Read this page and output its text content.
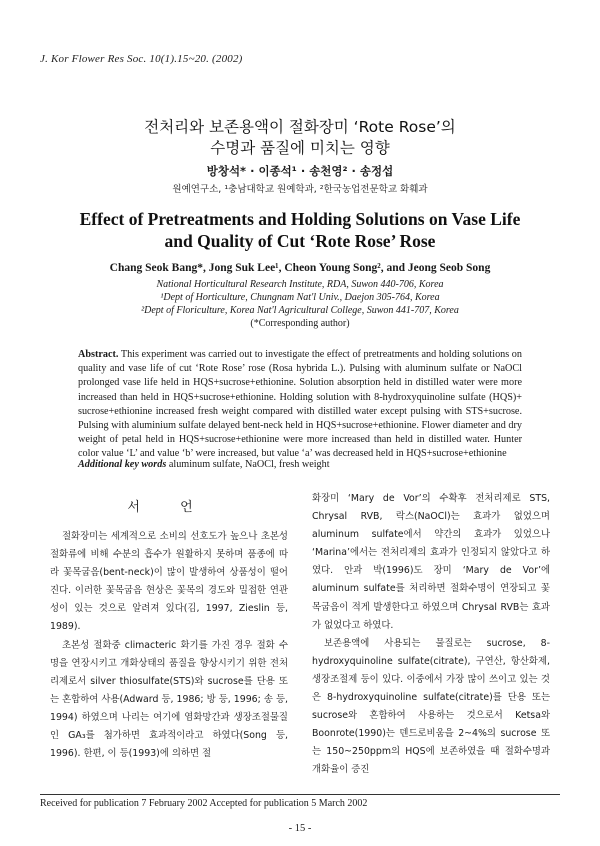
J. Kor Flower Res Soc. 10(1).15~20. (2002)
전처리와 보존용액이 절화장미 ‘Rote Rose’의
수명과 품질에 미치는 영향
방창석* · 이종석¹ · 송천영² · 송정섭
원예연구소, ¹충남대학교 원예학과, ²한국농업전문학교 화훼과
Effect of Pretreatments and Holding Solutions on Vase Life
and Quality of Cut ‘Rote Rose’ Rose
Chang Seok Bang*, Jong Suk Lee¹, Cheon Young Song², and Jeong Seob Song
National Horticultural Research Institute, RDA, Suwon 440-706, Korea
¹Dept of Horticulture, Chungnam Nat'l Univ., Daejon 305-764, Korea
²Dept of Floriculture, Korea Nat'l Agricultural College, Suwon 441-707, Korea
(*Corresponding author)
Abstract. This experiment was carried out to investigate the effect of pretreatments and holding solutions on quality and vase life of cut ‘Rote Rose’ rose (Rosa hybrida L.). Pulsing with aluminum sulfate or NaOCl prolonged vase life held in HQS+sucrose+ethionine. Solution absorption held in distilled water were more increased than held in HQS+sucrose+ethionine. Holding solution with 8-hydroxyquinoline sulfate (HQS)+ sucrose+ethionine increased fresh weight compared with distilled water except pulsing with STS+sucrose. Pulsing with aluminium sulfate delayed bent-neck held in HQS+sucrose+ethionine. Flower diameter and dry weight of petal held in HQS+sucrose+ethionine were more increased than held in distilled water. Hunter color value ‘L’ and value ‘b’ were increased, but value ‘a’ was decreased held in HQS+sucrose+ethionine
Additional key words aluminum sulfate, NaOCl, fresh weight
서 언

절화장미는 세계적으로 소비의 선호도가 높으나 초본성 절화류에 비해 수분의 흡수가 원활하지 못하며 품종에 따라 꽃목굽음(bent-neck)이 많이 발생하여 상품성이 떨어진다. 이러한 꽃목굽음 현상은 꽃목의 경도와 밀접한 연관성이 있는 것으로 알려져 있다(김, 1997, Zieslin 등, 1989).

초본성 절화중 climacteric 화기를 가진 경우 절화 수명을 연장시키고 개화상태의 품질을 향상시키기 위한 전처리제로서 silver thiosulfate(STS)와 sucrose를 단용 또는 혼합하여 사용(Adward 등, 1986; 방 등, 1996; 송 등, 1994) 하였으며 나리는 여기에 염화망간과 생장조절물질인 GA₃를 첨가하면 효과적이라고 하였다(Song 등, 1996). 한편, 이 등(1993)에 의하면 절

화장미 ‘Mary de Vor’의 수확후 전처리제로 STS, Chrysal RVB, 락스(NaOCl)는 효과가 없었으며 aluminum sulfate에서 약간의 효과가 있었으나 ‘Marina’에서는 전처리제의 효과가 인정되지 않았다고 하였다. 안과 박(1996)도 장미 ‘Mary de Vor’에 aluminum sulfate를 처리하면 절화수명이 연장되고 꽃목굽음이 적게 발생한다고 하였으며 Chrysal RVB는 효과가 없었다고 하였다.

보존용액에 사용되는 물질로는 sucrose, 8-hydroxyquinoline sulfate(citrate), 구연산, 항산화제, 생장조절제 등이 있다. 이중에서 가장 많이 쓰이고 있는 것은 8-hydroxyquinoline sulfate(citrate)를 단용 또는 sucrose와 혼합하여 사용하는 것으로서 Ketsa와 Boonrote(1990)는 덴드로비움을 2~4%의 sucrose 또는 150~250ppm의 HQS에 보존하였을 때 절화수명과 개화율이 증진

Received for publication 7 February 2002 Accepted for publication 5 March 2002
- 15 -
